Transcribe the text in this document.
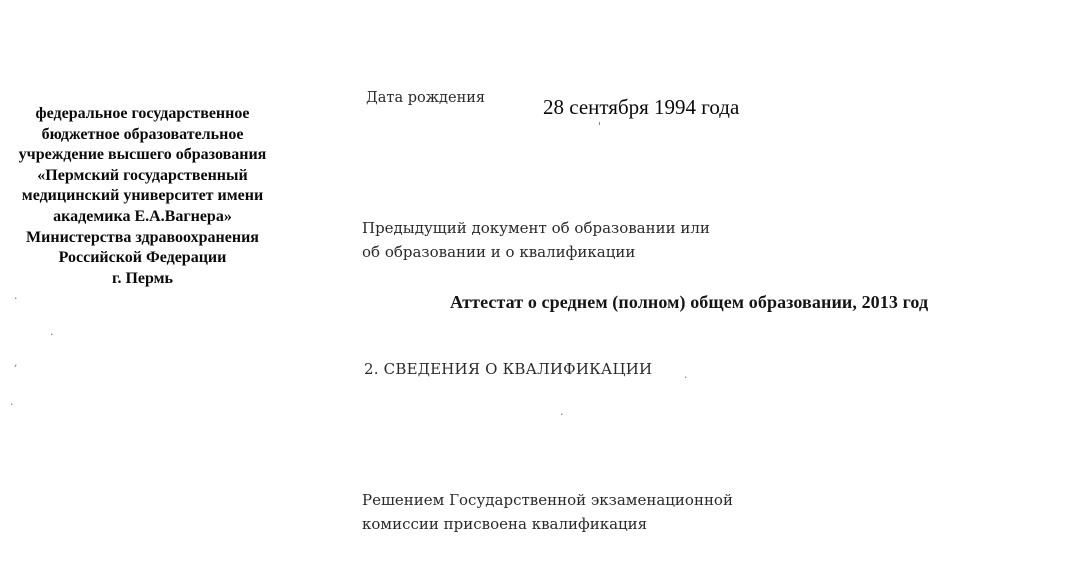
федеральное государственное
бюджетное образовательное
учреждение высшего образования
«Пермский государственный
медицинский университет имени
академика Е.А.Вагнера»
Министерства здравоохранения
Российской Федерации
г. Пермь
Дата рождения	28 сентября 1994 года
Предыдущий документ об образовании или
об образовании и о квалификации
Аттестат о среднем (полном) общем образовании, 2013 год
2. СВЕДЕНИЯ О КВАЛИФИКАЦИИ
Решением Государственной экзаменационной
комиссии присвоена квалификация
'
·
·
,
·
.
·
